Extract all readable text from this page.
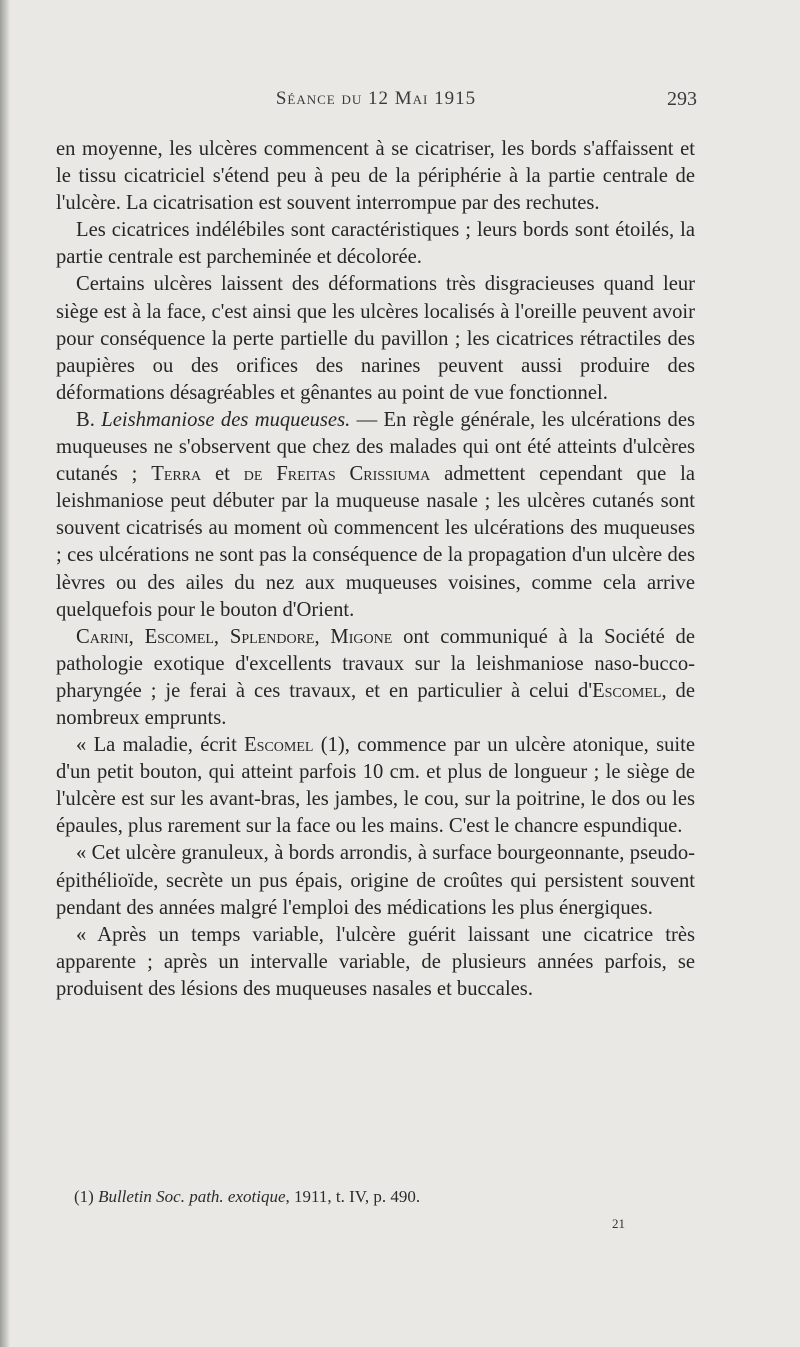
Séance du 12 Mai 1915	293

en moyenne, les ulcères commencent à se cicatriser, les bords s'affaissent et le tissu cicatriciel s'étend peu à peu de la périphérie à la partie centrale de l'ulcère. La cicatrisation est souvent interrompue par des rechutes.

Les cicatrices indélébiles sont caractéristiques ; leurs bords sont étoilés, la partie centrale est parcheminée et décolorée.

Certains ulcères laissent des déformations très disgracieuses quand leur siège est à la face, c'est ainsi que les ulcères localisés à l'oreille peuvent avoir pour conséquence la perte partielle du pavillon ; les cicatrices rétractiles des paupières ou des orifices des narines peuvent aussi produire des déformations désagréables et gênantes au point de vue fonctionnel.

B. Leishmaniose des muqueuses. — En règle générale, les ulcérations des muqueuses ne s'observent que chez des malades qui ont été atteints d'ulcères cutanés ; Terra et de Freitas Crissiuma admettent cependant que la leishmaniose peut débuter par la muqueuse nasale ; les ulcères cutanés sont souvent cicatrisés au moment où commencent les ulcérations des muqueuses ; ces ulcérations ne sont pas la conséquence de la propagation d'un ulcère des lèvres ou des ailes du nez aux muqueuses voisines, comme cela arrive quelquefois pour le bouton d'Orient.

Carini, Escomel, Splendore, Migone ont communiqué à la Société de pathologie exotique d'excellents travaux sur la leishmaniose naso-bucco-pharyngée ; je ferai à ces travaux, et en particulier à celui d'Escomel, de nombreux emprunts.

« La maladie, écrit Escomel (1), commence par un ulcère atonique, suite d'un petit bouton, qui atteint parfois 10 cm. et plus de longueur ; le siège de l'ulcère est sur les avant-bras, les jambes, le cou, sur la poitrine, le dos ou les épaules, plus rarement sur la face ou les mains. C'est le chancre espundique.

« Cet ulcère granuleux, à bords arrondis, à surface bourgeonnante, pseudo-épithélioïde, secrète un pus épais, origine de croûtes qui persistent souvent pendant des années malgré l'emploi des médications les plus énergiques.

« Après un temps variable, l'ulcère guérit laissant une cicatrice très apparente ; après un intervalle variable, de plusieurs années parfois, se produisent des lésions des muqueuses nasales et buccales.

(1) Bulletin Soc. path. exotique, 1911, t. IV, p. 490.
21
